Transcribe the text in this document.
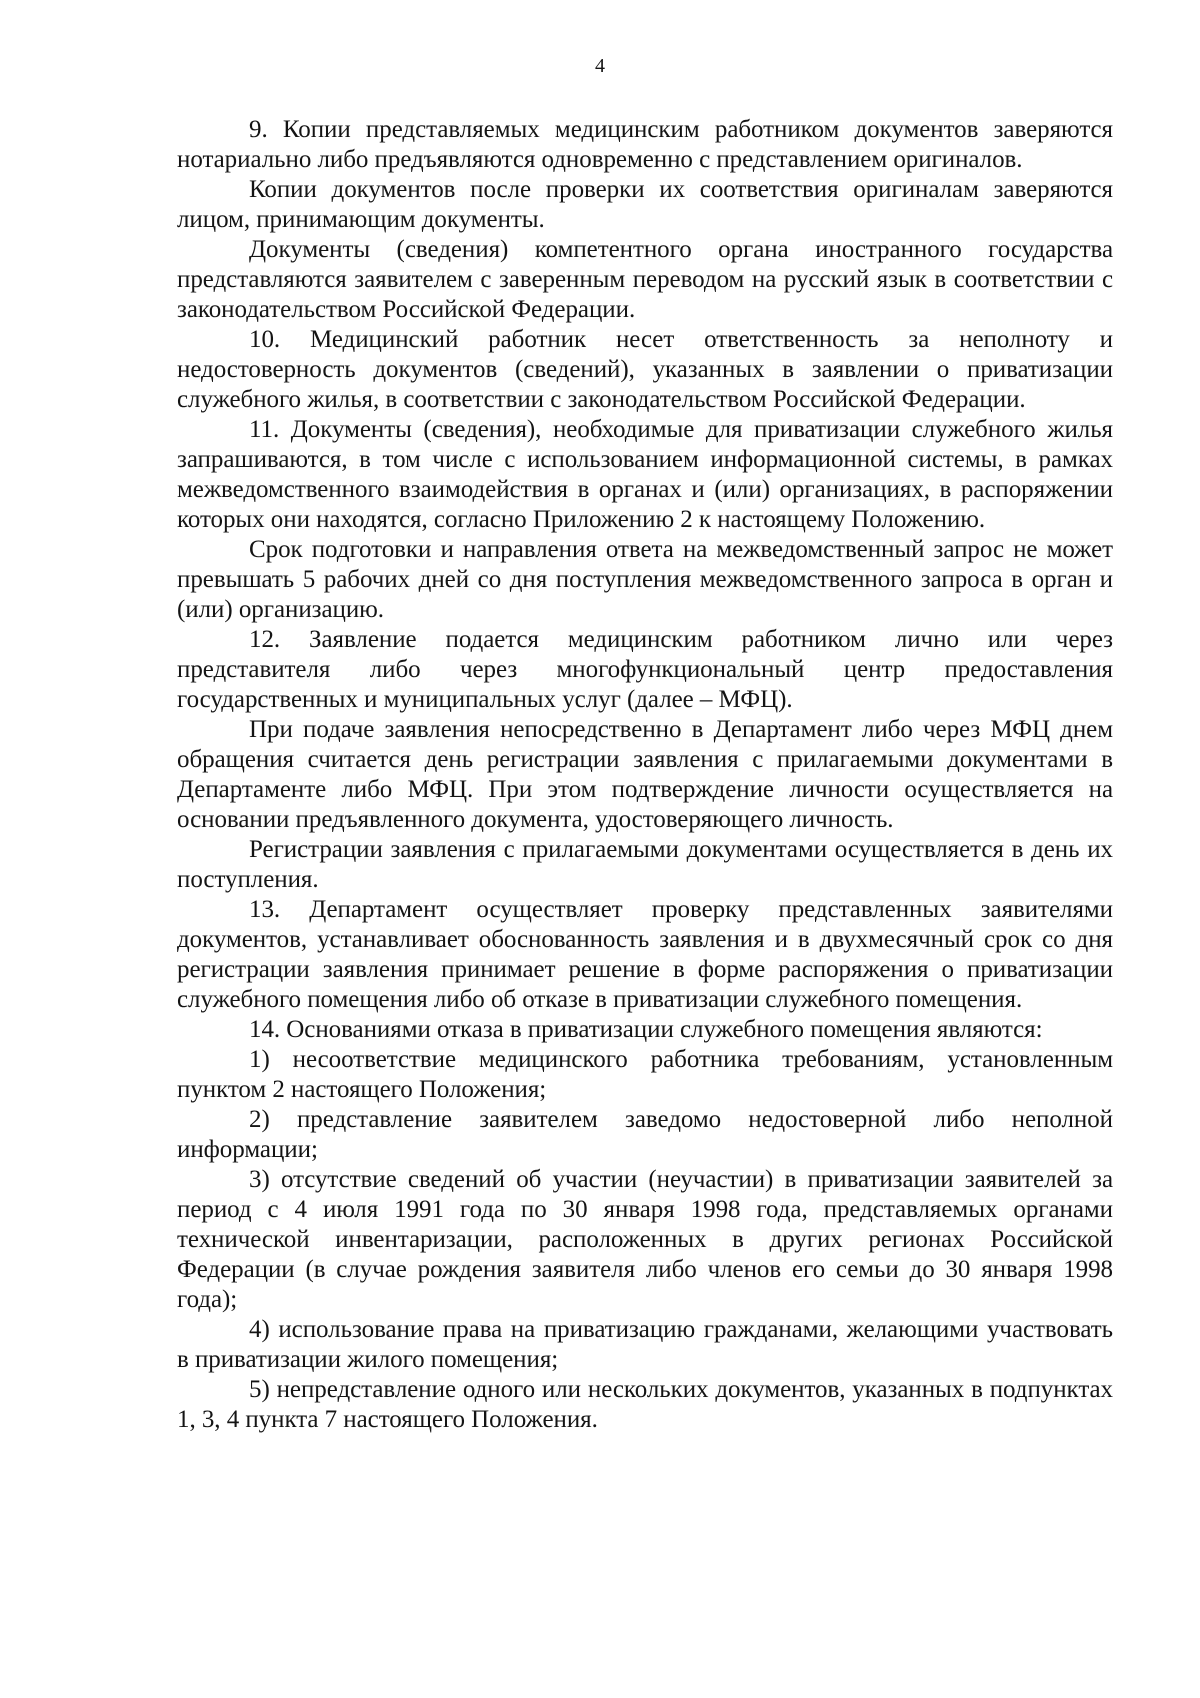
4

9. Копии представляемых медицинским работником документов заверяются нотариально либо предъявляются одновременно с представлением оригиналов.

Копии документов после проверки их соответствия оригиналам заверяются лицом, принимающим документы.

Документы (сведения) компетентного органа иностранного государства представляются заявителем с заверенным переводом на русский язык в соответствии с законодательством Российской Федерации.

10. Медицинский работник несет ответственность за неполноту и недостоверность документов (сведений), указанных в заявлении о приватизации служебного жилья, в соответствии с законодательством Российской Федерации.

11. Документы (сведения), необходимые для приватизации служебного жилья запрашиваются, в том числе с использованием информационной системы, в рамках межведомственного взаимодействия в органах и (или) организациях, в распоряжении которых они находятся, согласно Приложению 2 к настоящему Положению.

Срок подготовки и направления ответа на межведомственный запрос не может превышать 5 рабочих дней со дня поступления межведомственного запроса в орган и (или) организацию.

12. Заявление подается медицинским работником лично или через представителя либо через многофункциональный центр предоставления государственных и муниципальных услуг (далее – МФЦ).

При подаче заявления непосредственно в Департамент либо через МФЦ днем обращения считается день регистрации заявления с прилагаемыми документами в Департаменте либо МФЦ. При этом подтверждение личности осуществляется на основании предъявленного документа, удостоверяющего личность.

Регистрации заявления с прилагаемыми документами осуществляется в день их поступления.

13. Департамент осуществляет проверку представленных заявителями документов, устанавливает обоснованность заявления и в двухмесячный срок со дня регистрации заявления принимает решение в форме распоряжения о приватизации служебного помещения либо об отказе в приватизации служебного помещения.

14. Основаниями отказа в приватизации служебного помещения являются:

1) несоответствие медицинского работника требованиям, установленным пунктом 2 настоящего Положения;

2) представление заявителем заведомо недостоверной либо неполной информации;

3) отсутствие сведений об участии (неучастии) в приватизации заявителей за период с 4 июля 1991 года по 30 января 1998 года, представляемых органами технической инвентаризации, расположенных в других регионах Российской Федерации (в случае рождения заявителя либо членов его семьи до 30 января 1998 года);

4) использование права на приватизацию гражданами, желающими участвовать в приватизации жилого помещения;

5) непредставление одного или нескольких документов, указанных в подпунктах 1, 3, 4 пункта 7 настоящего Положения.
